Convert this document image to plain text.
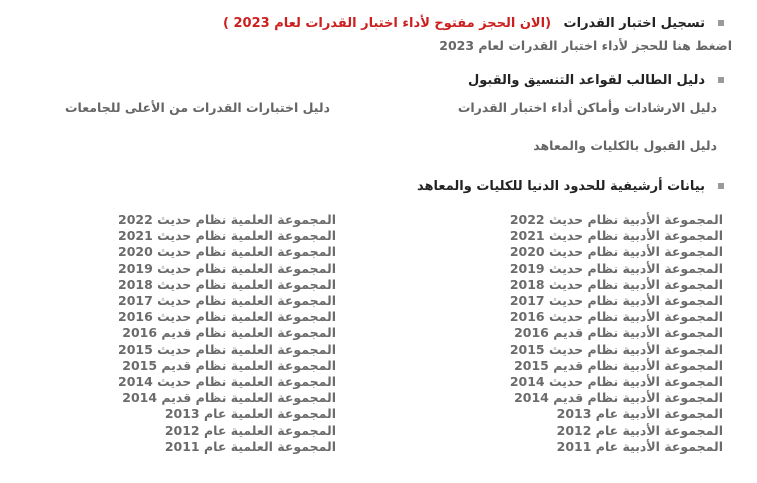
تسجيل اختبار القدرات (الان الحجز مفتوح لأداء اختبار القدرات لعام 2023 )
اضغط هنا للحجز لأداء اختبار القدرات لعام 2023
دليل الطالب لقواعد التنسيق والقبول
دليل الارشادات وأماكن أداء اختبار القدرات
دليل اختبارات القدرات من الأعلى للجامعات
دليل القبول بالكليات والمعاهد
بيانات أرشيفية للحدود الدنيا للكليات والمعاهد
المجموعة الأدبية نظام حديث 2022
المجموعة الأدبية نظام حديث 2021
المجموعة الأدبية نظام حديث 2020
المجموعة الأدبية نظام حديث 2019
المجموعة الأدبية نظام حديث 2018
المجموعة الأدبية نظام حديث 2017
المجموعة الأدبية نظام حديث 2016
المجموعة الأدبية نظام قديم 2016
المجموعة الأدبية نظام حديث 2015
المجموعة الأدبية نظام قديم 2015
المجموعة الأدبية نظام حديث 2014
المجموعة الأدبية نظام قديم 2014
المجموعة الأدبية عام 2013
المجموعة الأدبية عام 2012
المجموعة الأدبية عام 2011
المجموعة العلمية نظام حديث 2022
المجموعة العلمية نظام حديث 2021
المجموعة العلمية نظام حديث 2020
المجموعة العلمية نظام حديث 2019
المجموعة العلمية نظام حديث 2018
المجموعة العلمية نظام حديث 2017
المجموعة العلمية نظام حديث 2016
المجموعة العلمية نظام قديم 2016
المجموعة العلمية نظام حديث 2015
المجموعة العلمية نظام قديم 2015
المجموعة العلمية نظام حديث 2014
المجموعة العلمية نظام قديم 2014
المجموعة العلمية عام 2013
المجموعة العلمية عام 2012
المجموعة العلمية عام 2011
